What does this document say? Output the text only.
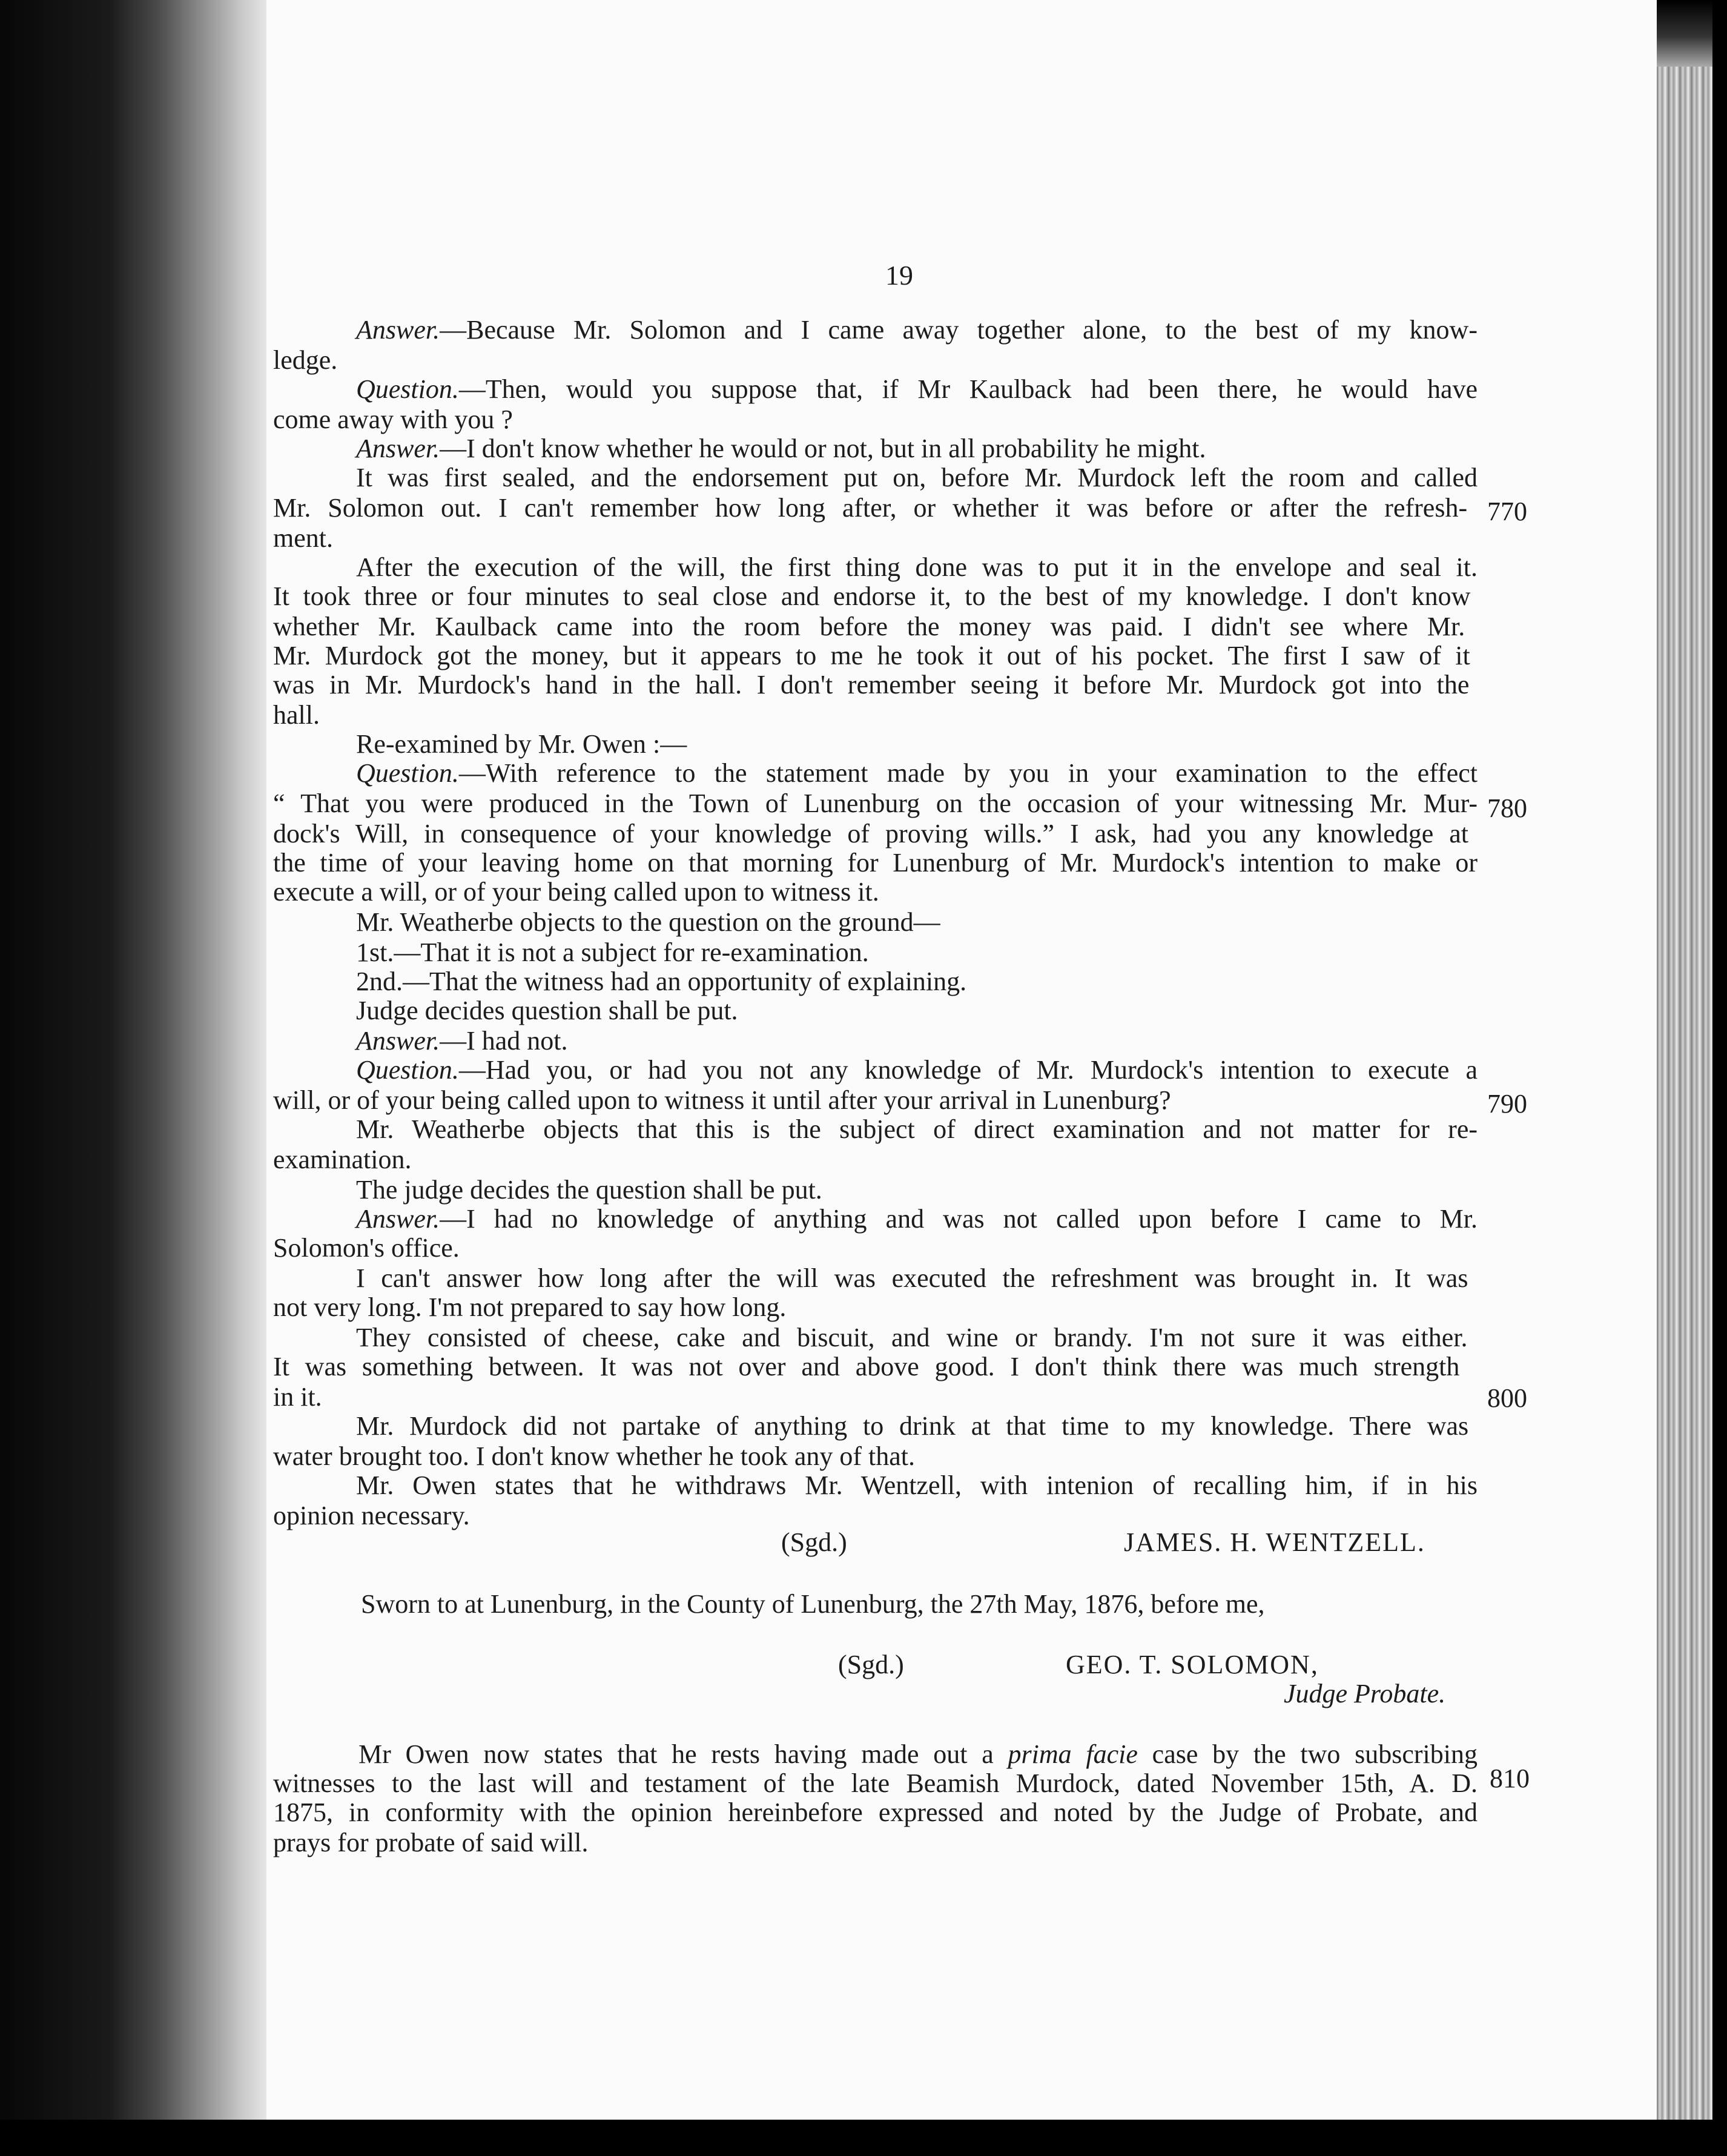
19
Answer.—Because Mr. Solomon and I came away together alone, to the best of my know-
ledge.
Question.—Then, would you suppose that, if Mr Kaulback had been there, he would have
come away with you ?
Answer.—I don't know whether he would or not, but in all probability he might.
It was first sealed, and the endorsement put on, before Mr. Murdock left the room and called
Mr. Solomon out. I can't remember how long after, or whether it was before or after the refresh-
ment.
After the execution of the will, the first thing done was to put it in the envelope and seal it.
It took three or four minutes to seal close and endorse it, to the best of my knowledge. I don't know
whether Mr. Kaulback came into the room before the money was paid. I didn't see where Mr.
Mr. Murdock got the money, but it appears to me he took it out of his pocket. The first I saw of it
was in Mr. Murdock's hand in the hall. I don't remember seeing it before Mr. Murdock got into the
hall.
Re-examined by Mr. Owen :—
Question.—With reference to the statement made by you in your examination to the effect
“ That you were produced in the Town of Lunenburg on the occasion of your witnessing Mr. Mur-
dock's Will, in consequence of your knowledge of proving wills.” I ask, had you any knowledge at
the time of your leaving home on that morning for Lunenburg of Mr. Murdock's intention to make or
execute a will, or of your being called upon to witness it.
Mr. Weatherbe objects to the question on the ground—
1st.—That it is not a subject for re-examination.
2nd.—That the witness had an opportunity of explaining.
Judge decides question shall be put.
Answer.—I had not.
Question.—Had you, or had you not any knowledge of Mr. Murdock's intention to execute a
will, or of your being called upon to witness it until after your arrival in Lunenburg?
Mr. Weatherbe objects that this is the subject of direct examination and not matter for re-
examination.
The judge decides the question shall be put.
Answer.—I had no knowledge of anything and was not called upon before I came to Mr.
Solomon's office.
I can't answer how long after the will was executed the refreshment was brought in. It was
not very long. I'm not prepared to say how long.
They consisted of cheese, cake and biscuit, and wine or brandy. I'm not sure it was either.
It was something between. It was not over and above good. I don't think there was much strength
in it.
Mr. Murdock did not partake of anything to drink at that time to my knowledge. There was
water brought too. I don't know whether he took any of that.
Mr. Owen states that he withdraws Mr. Wentzell, with intenion of recalling him, if in his
opinion necessary.
770
780
790
800
810
(Sgd.)	JAMES. H. WENTZELL.
Sworn to at Lunenburg, in the County of Lunenburg, the 27th May, 1876, before me,
(Sgd.)	GEO. T. SOLOMON,
Judge Probate.
Mr Owen now states that he rests having made out a prima facie case by the two subscribing
witnesses to the last will and testament of the late Beamish Murdock, dated November 15th, A. D.
1875, in conformity with the opinion hereinbefore expressed and noted by the Judge of Probate, and
prays for probate of said will.
